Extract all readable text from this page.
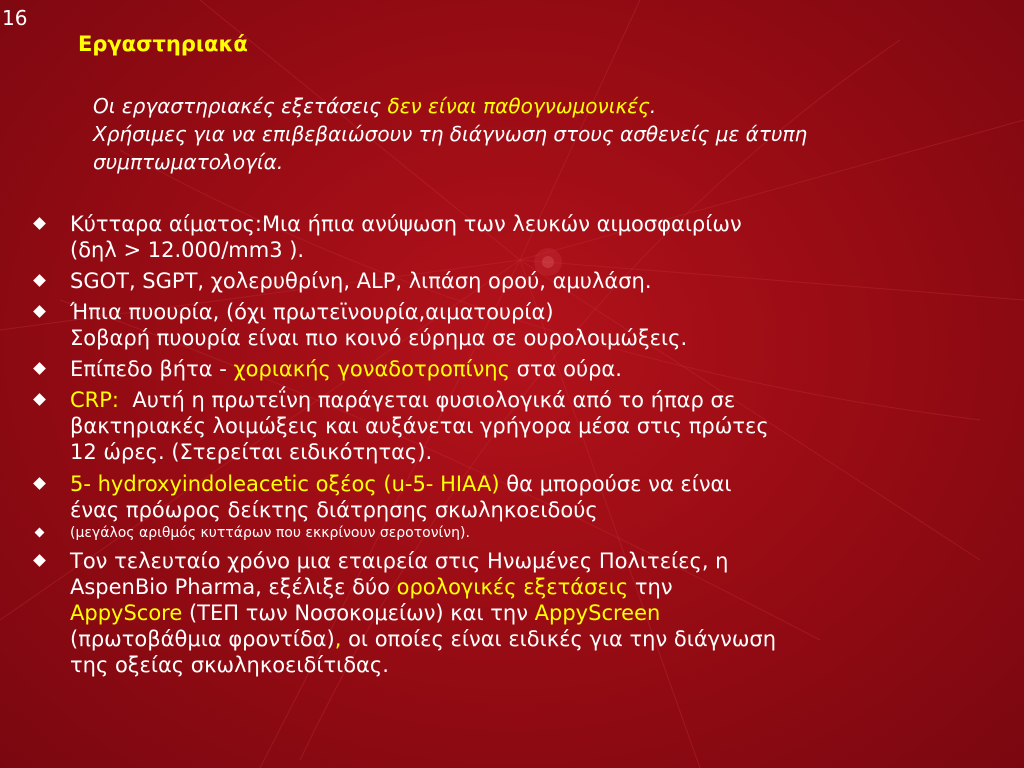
16
Εργαστηριακά
Οι εργαστηριακές εξετάσεις δεν είναι παθογνωμονικές.
Χρήσιμες για να επιβεβαιώσουν τη διάγνωση στους ασθενείς με άτυπη
συμπτωματολογία.
Κύτταρα αίματος:Μια ήπια ανύψωση των λευκών αιμοσφαιρίων
(δηλ > 12.000/mm3 ).
SGOT, SGPT, χολερυθρίνη, ALP, λιπάση ορού, αμυλάση.
Ήπια πυουρία, (όχι πρωτεϊνουρία,αιματουρία)
Σοβαρή πυουρία είναι πιο κοινό εύρημα σε ουρολοιμώξεις.
Επίπεδο βήτα - χοριακής γοναδοτροπίνης στα ούρα.
CRP:  Αυτή η πρωτεΐνη παράγεται φυσιολογικά από το ήπαρ σε
βακτηριακές λοιμώξεις και αυξάνεται γρήγορα μέσα στις πρώτες
12 ώρες. (Στερείται ειδικότητας).
5- hydroxyindoleacetic οξέος (u-5- HIAA) θα μπορούσε να είναι
ένας πρόωρος δείκτης διάτρησης σκωληκοειδούς
(μεγάλος αριθμός κυττάρων που εκκρίνουν σεροτονίνη).
Τον τελευταίο χρόνο μια εταιρεία στις Ηνωμένες Πολιτείες, η
AspenBio Pharma, εξέλιξε δύο ορολογικές εξετάσεις την
AppyScore (ΤΕΠ των Νοσοκομείων) και την AppyScreen
(πρωτοβάθμια φροντίδα), οι οποίες είναι ειδικές για την διάγνωση
της οξείας σκωληκοειδίτιδας.
